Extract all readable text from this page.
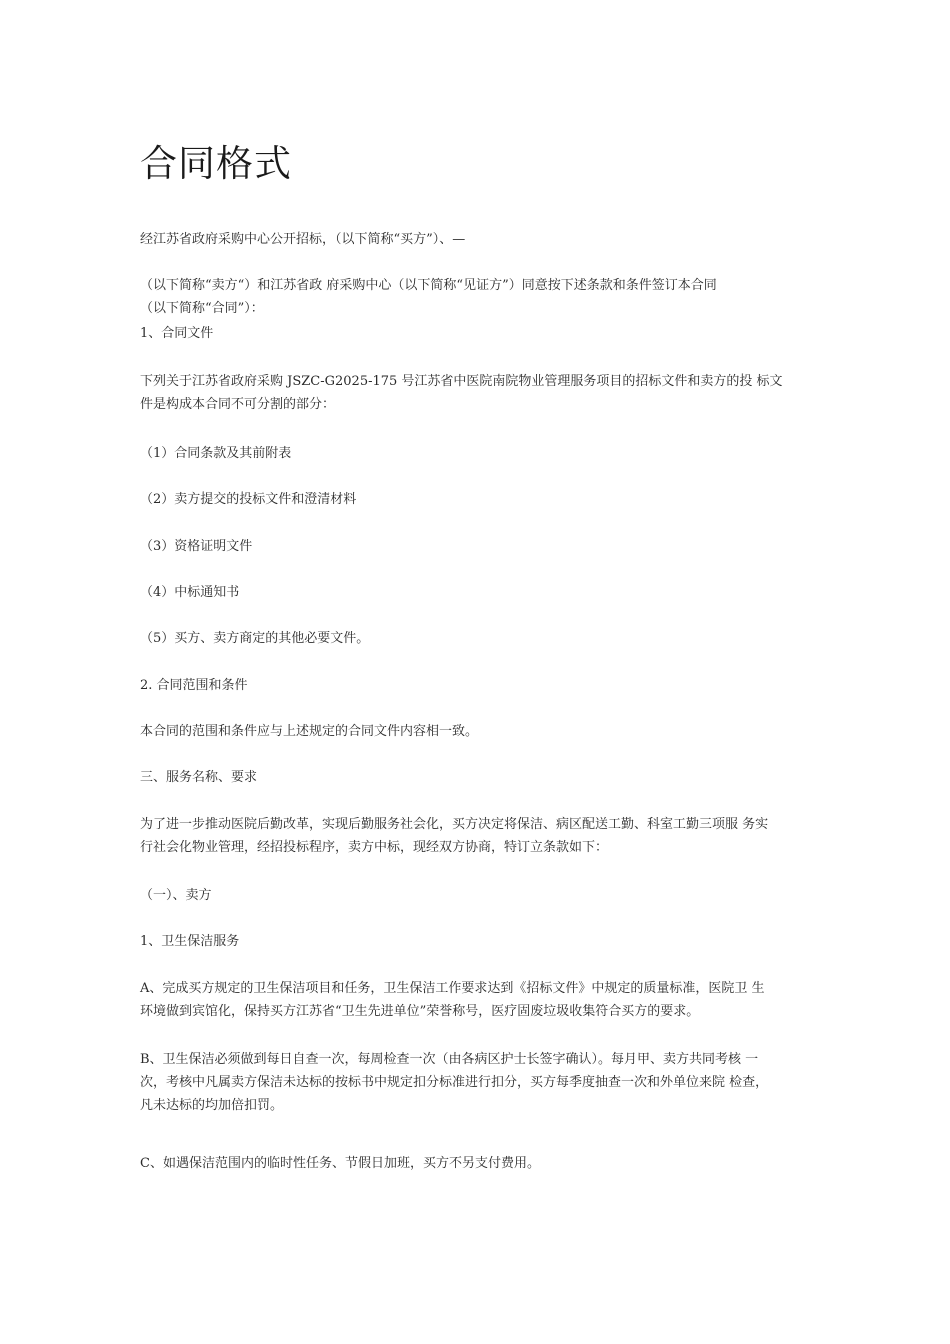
合同格式

经江苏省政府采购中心公开招标，（以下简称“买方”）、—

（以下简称“卖方“）和江苏省政 府采购中心（以下简称“见证方”）同意按下述条款和条件签订本合同
（以下简称“合同”）：

1、合同文件

下列关于江苏省政府采购 JSZC-G2025-175 号江苏省中医院南院物业管理服务项目的招标文件和卖方的投 标文
件是构成本合同不可分割的部分：

（1）合同条款及其前附表

（2）卖方提交的投标文件和澄清材料

（3）资格证明文件

（4）中标通知书

（5）买方、卖方商定的其他必要文件。

2. 合同范围和条件

本合同的范围和条件应与上述规定的合同文件内容相一致。

三、服务名称、要求

为了进一步推动医院后勤改革，实现后勤服务社会化，买方决定将保洁、病区配送工勤、科室工勤三项服 务实
行社会化物业管理，经招投标程序，卖方中标，现经双方协商，特订立条款如下：

（一）、卖方

1、卫生保洁服务

A、完成买方规定的卫生保洁项目和任务，卫生保洁工作要求达到《招标文件》中规定的质量标准，医院卫 生
环境做到宾馆化，保持买方江苏省“卫生先进单位”荣誉称号，医疗固废垃圾收集符合买方的要求。

B、卫生保洁必须做到每日自查一次，每周检查一次（由各病区护士长签字确认）。每月甲、卖方共同考核 一
次，考核中凡属卖方保洁未达标的按标书中规定扣分标准进行扣分，买方每季度抽查一次和外单位来院 检查，
凡未达标的均加倍扣罚。

C、如遇保洁范围内的临时性任务、节假日加班，买方不另支付费用。
